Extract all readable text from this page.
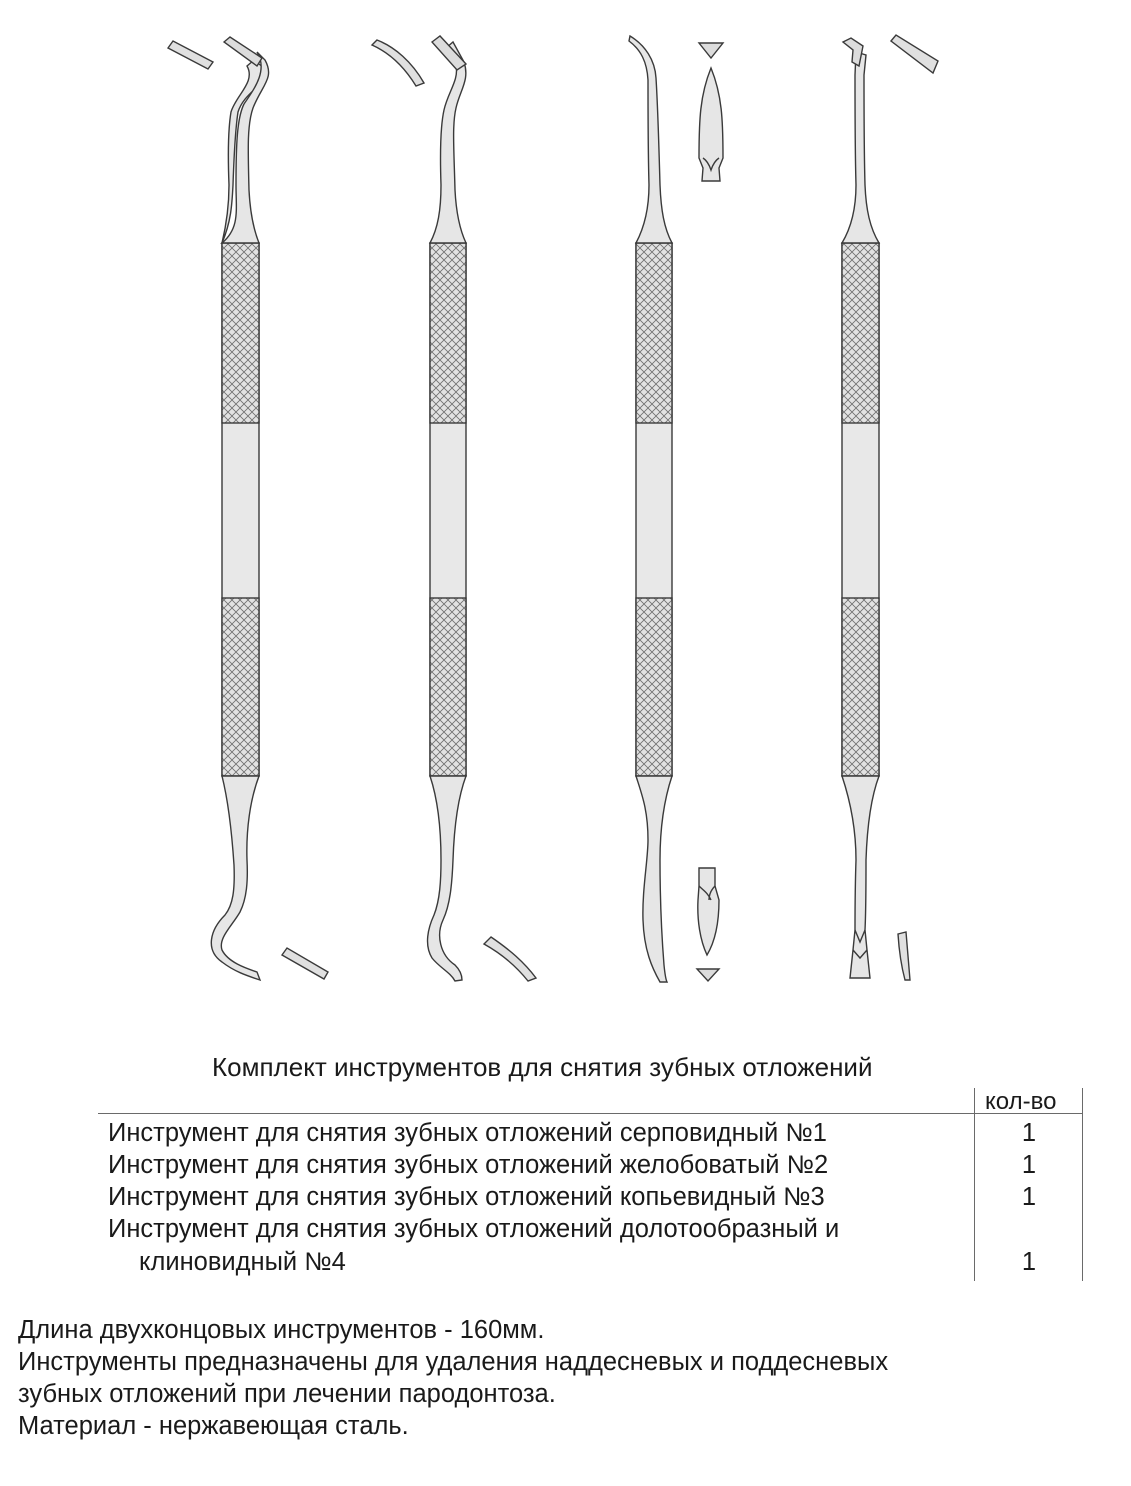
Комплект инструментов для снятия зубных отложений
кол-во
Инструмент для снятия зубных отложений серповидный №1	1
Инструмент для снятия зубных отложений желобоватый №2	1
Инструмент для снятия зубных отложений копьевидный №3	1
Инструмент для снятия зубных отложений долотообразный и
клиновидный №4	1
Длина двухконцовых инструментов - 160мм.
Инструменты предназначены для удаления наддесневых и поддесневых
зубных отложений при лечении пародонтоза.
Материал - нержавеющая сталь.
